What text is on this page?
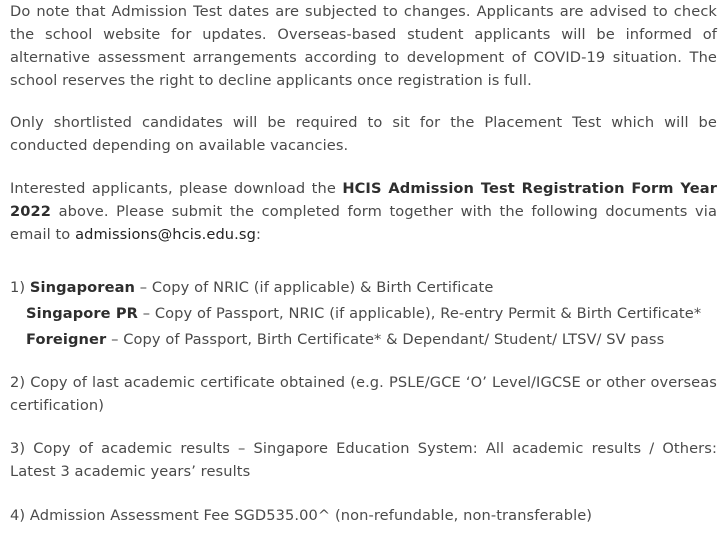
Do note that Admission Test dates are subjected to changes. Applicants are advised to check the school website for updates. Overseas-based student applicants will be informed of alternative assessment arrangements according to development of COVID-19 situation. The school reserves the right to decline applicants once registration is full.

Only shortlisted candidates will be required to sit for the Placement Test which will be conducted depending on available vacancies.

Interested applicants, please download the HCIS Admission Test Registration Form Year 2022 above. Please submit the completed form together with the following documents via email to admissions@hcis.edu.sg:

1) Singaporean – Copy of NRIC (if applicable) & Birth Certificate
Singapore PR – Copy of Passport, NRIC (if applicable), Re-entry Permit & Birth Certificate*
Foreigner – Copy of Passport, Birth Certificate* & Dependant/ Student/ LTSV/ SV pass

2) Copy of last academic certificate obtained (e.g. PSLE/GCE ‘O’ Level/IGCSE or other overseas certification)

3) Copy of academic results – Singapore Education System: All academic results / Others: Latest 3 academic years’ results

4) Admission Assessment Fee SGD535.00^ (non-refundable, non-transferable)
